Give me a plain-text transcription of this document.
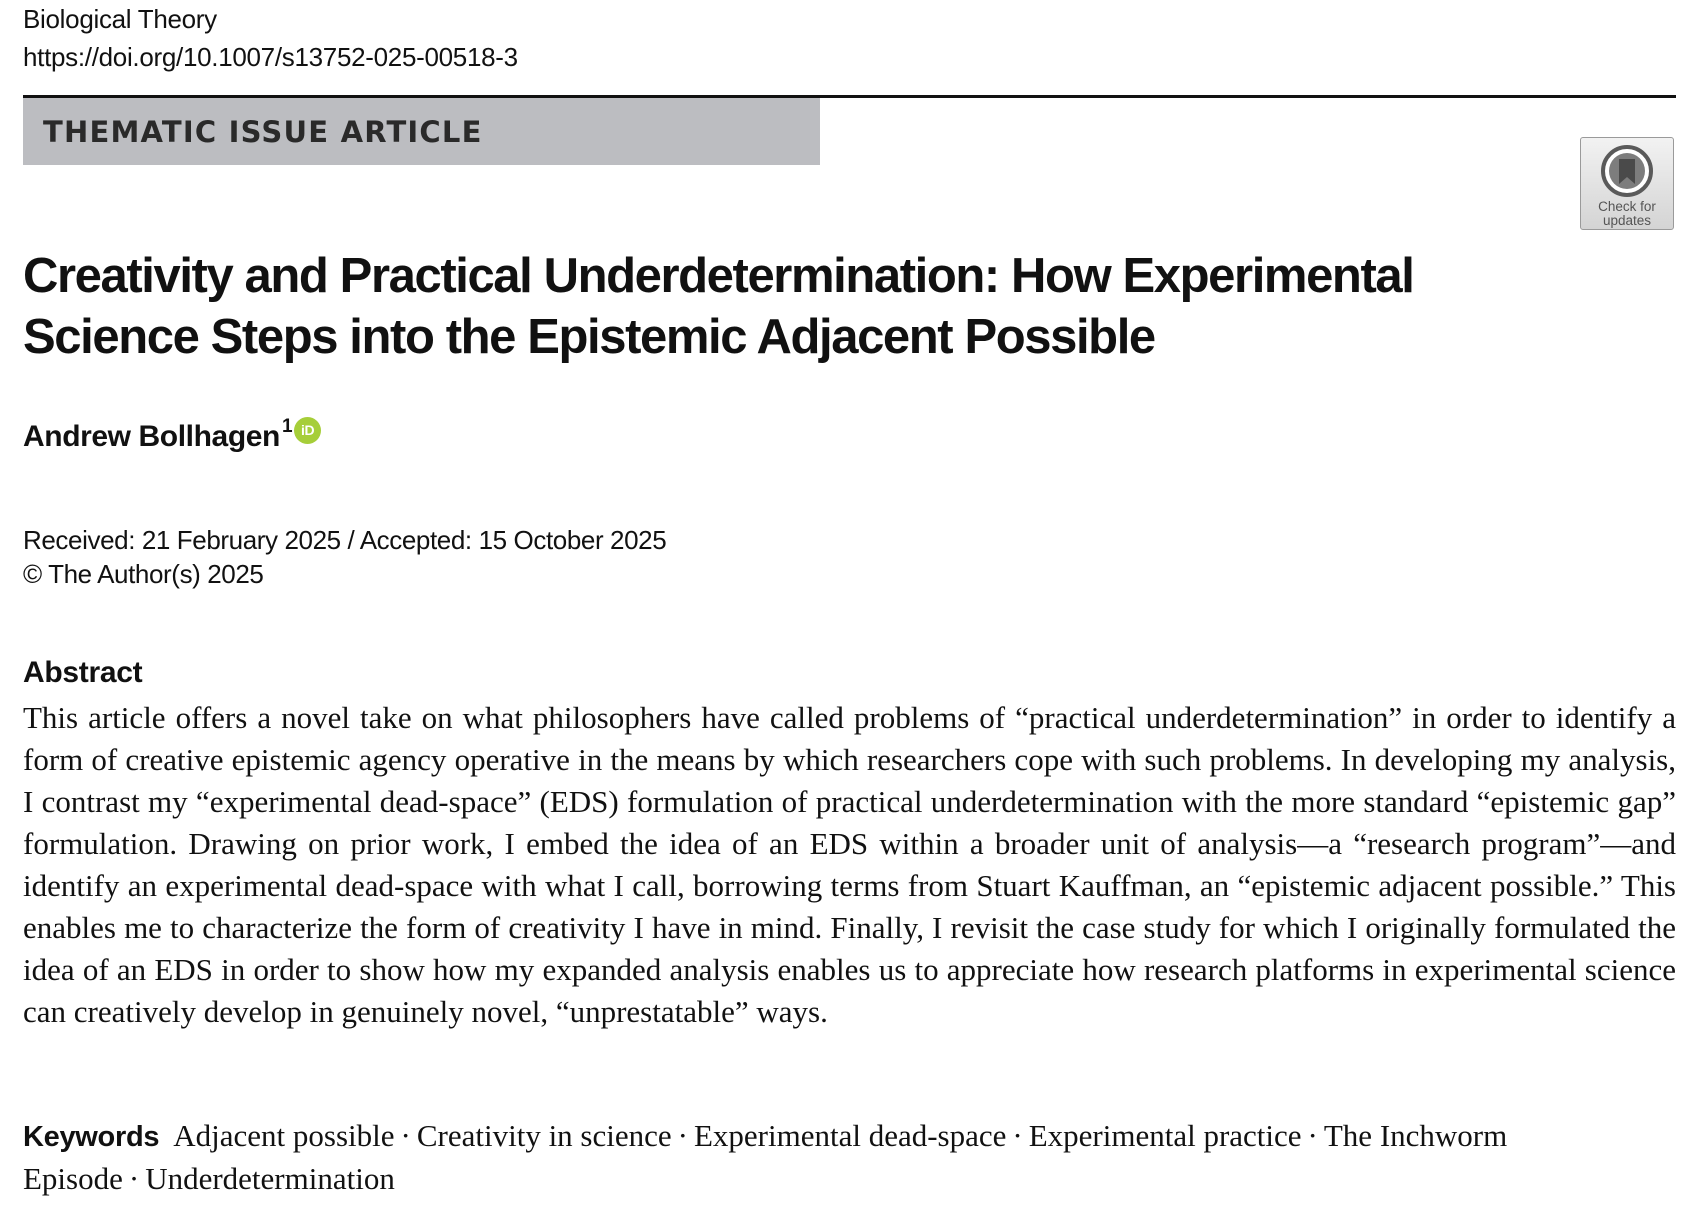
Biological Theory
https://doi.org/10.1007/s13752-025-00518-3
THEMATIC ISSUE ARTICLE
Check for
updates
Creativity and Practical Underdetermination: How Experimental Science Steps into the Epistemic Adjacent Possible
Andrew Bollhagen$^1$ iD
Received: 21 February 2025 / Accepted: 15 October 2025
© The Author(s) 2025
Abstract

This article offers a novel take on what philosophers have called problems of “practical underdetermination” in order to identify a form of creative epistemic agency operative in the means by which researchers cope with such problems. In developing my analysis, I contrast my “experimental dead-space” (EDS) formulation of practical underdetermination with the more standard “epistemic gap” formulation. Drawing on prior work, I embed the idea of an EDS within a broader unit of analysis—a “research program”—and identify an experimental dead-space with what I call, borrowing terms from Stuart Kauffman, an “epistemic adjacent possible.” This enables me to characterize the form of creativity I have in mind. Finally, I revisit the case study for which I originally formulated the idea of an EDS in order to show how my expanded analysis enables us to appreciate how research platforms in experimental science can creatively develop in genuinely novel, “unprestatable” ways.

Keywords Adjacent possible · Creativity in science · Experimental dead-space · Experimental practice · The Inchworm Episode · Underdetermination
